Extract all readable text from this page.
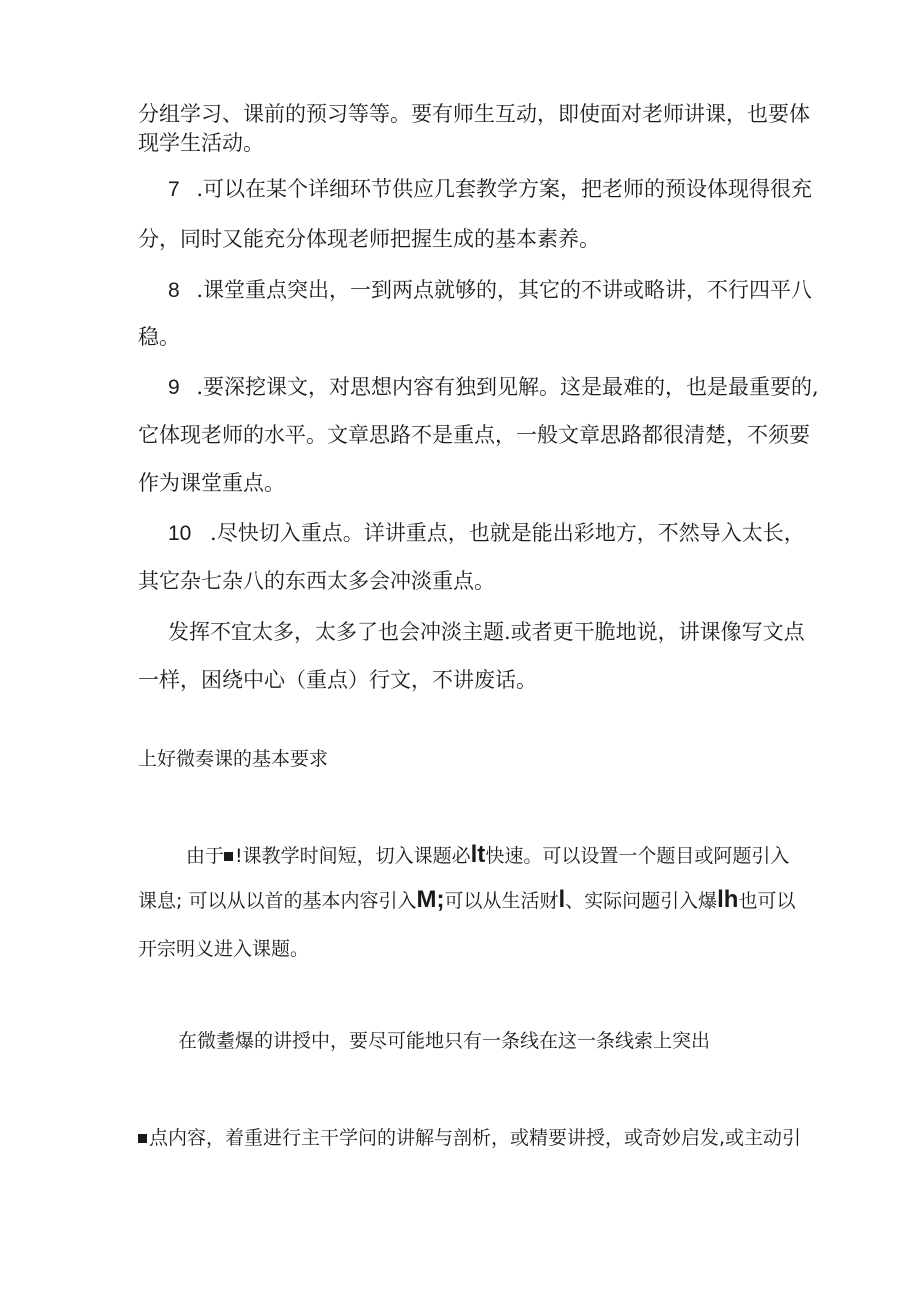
分组学习、课前的预习等等。要有师生互动，即使面对老师讲课，也要体
现学生活动。
7 .可以在某个详细环节供应几套教学方案，把老师的预设体现得很充
分，同时又能充分体现老师把握生成的基本素养。
8 .课堂重点突出，一到两点就够的，其它的不讲或略讲，不行四平八
稳。
9 .要深挖课文，对思想内容有独到见解。这是最难的，也是最重要的,
它体现老师的水平。文章思路不是重点，一般文章思路都很清楚，不须要
作为课堂重点。
10 .尽快切入重点。详讲重点，也就是能出彩地方，不然导入太长，
其它杂七杂八的东西太多会冲淡重点。
发挥不宜太多，太多了也会冲淡主题.或者更干脆地说，讲课像写文点
一样，困绕中心（重点）行文，不讲废话。
上好微奏课的基本要求
由于 !课教学时间短，切入课题必lt快速。可以设置一个题目或阿题引入
课息; 可以从以首的基本内容引入M;可以从生活财l、实际问题引入爆lh也可以
开宗明义进入课题。
在微耋爆的讲授中，要尽可能地只有一条线在这一条线索上突出
点内容，着重进行主干学问的讲解与剖析，或精要讲授，或奇妙启发,或主动引
